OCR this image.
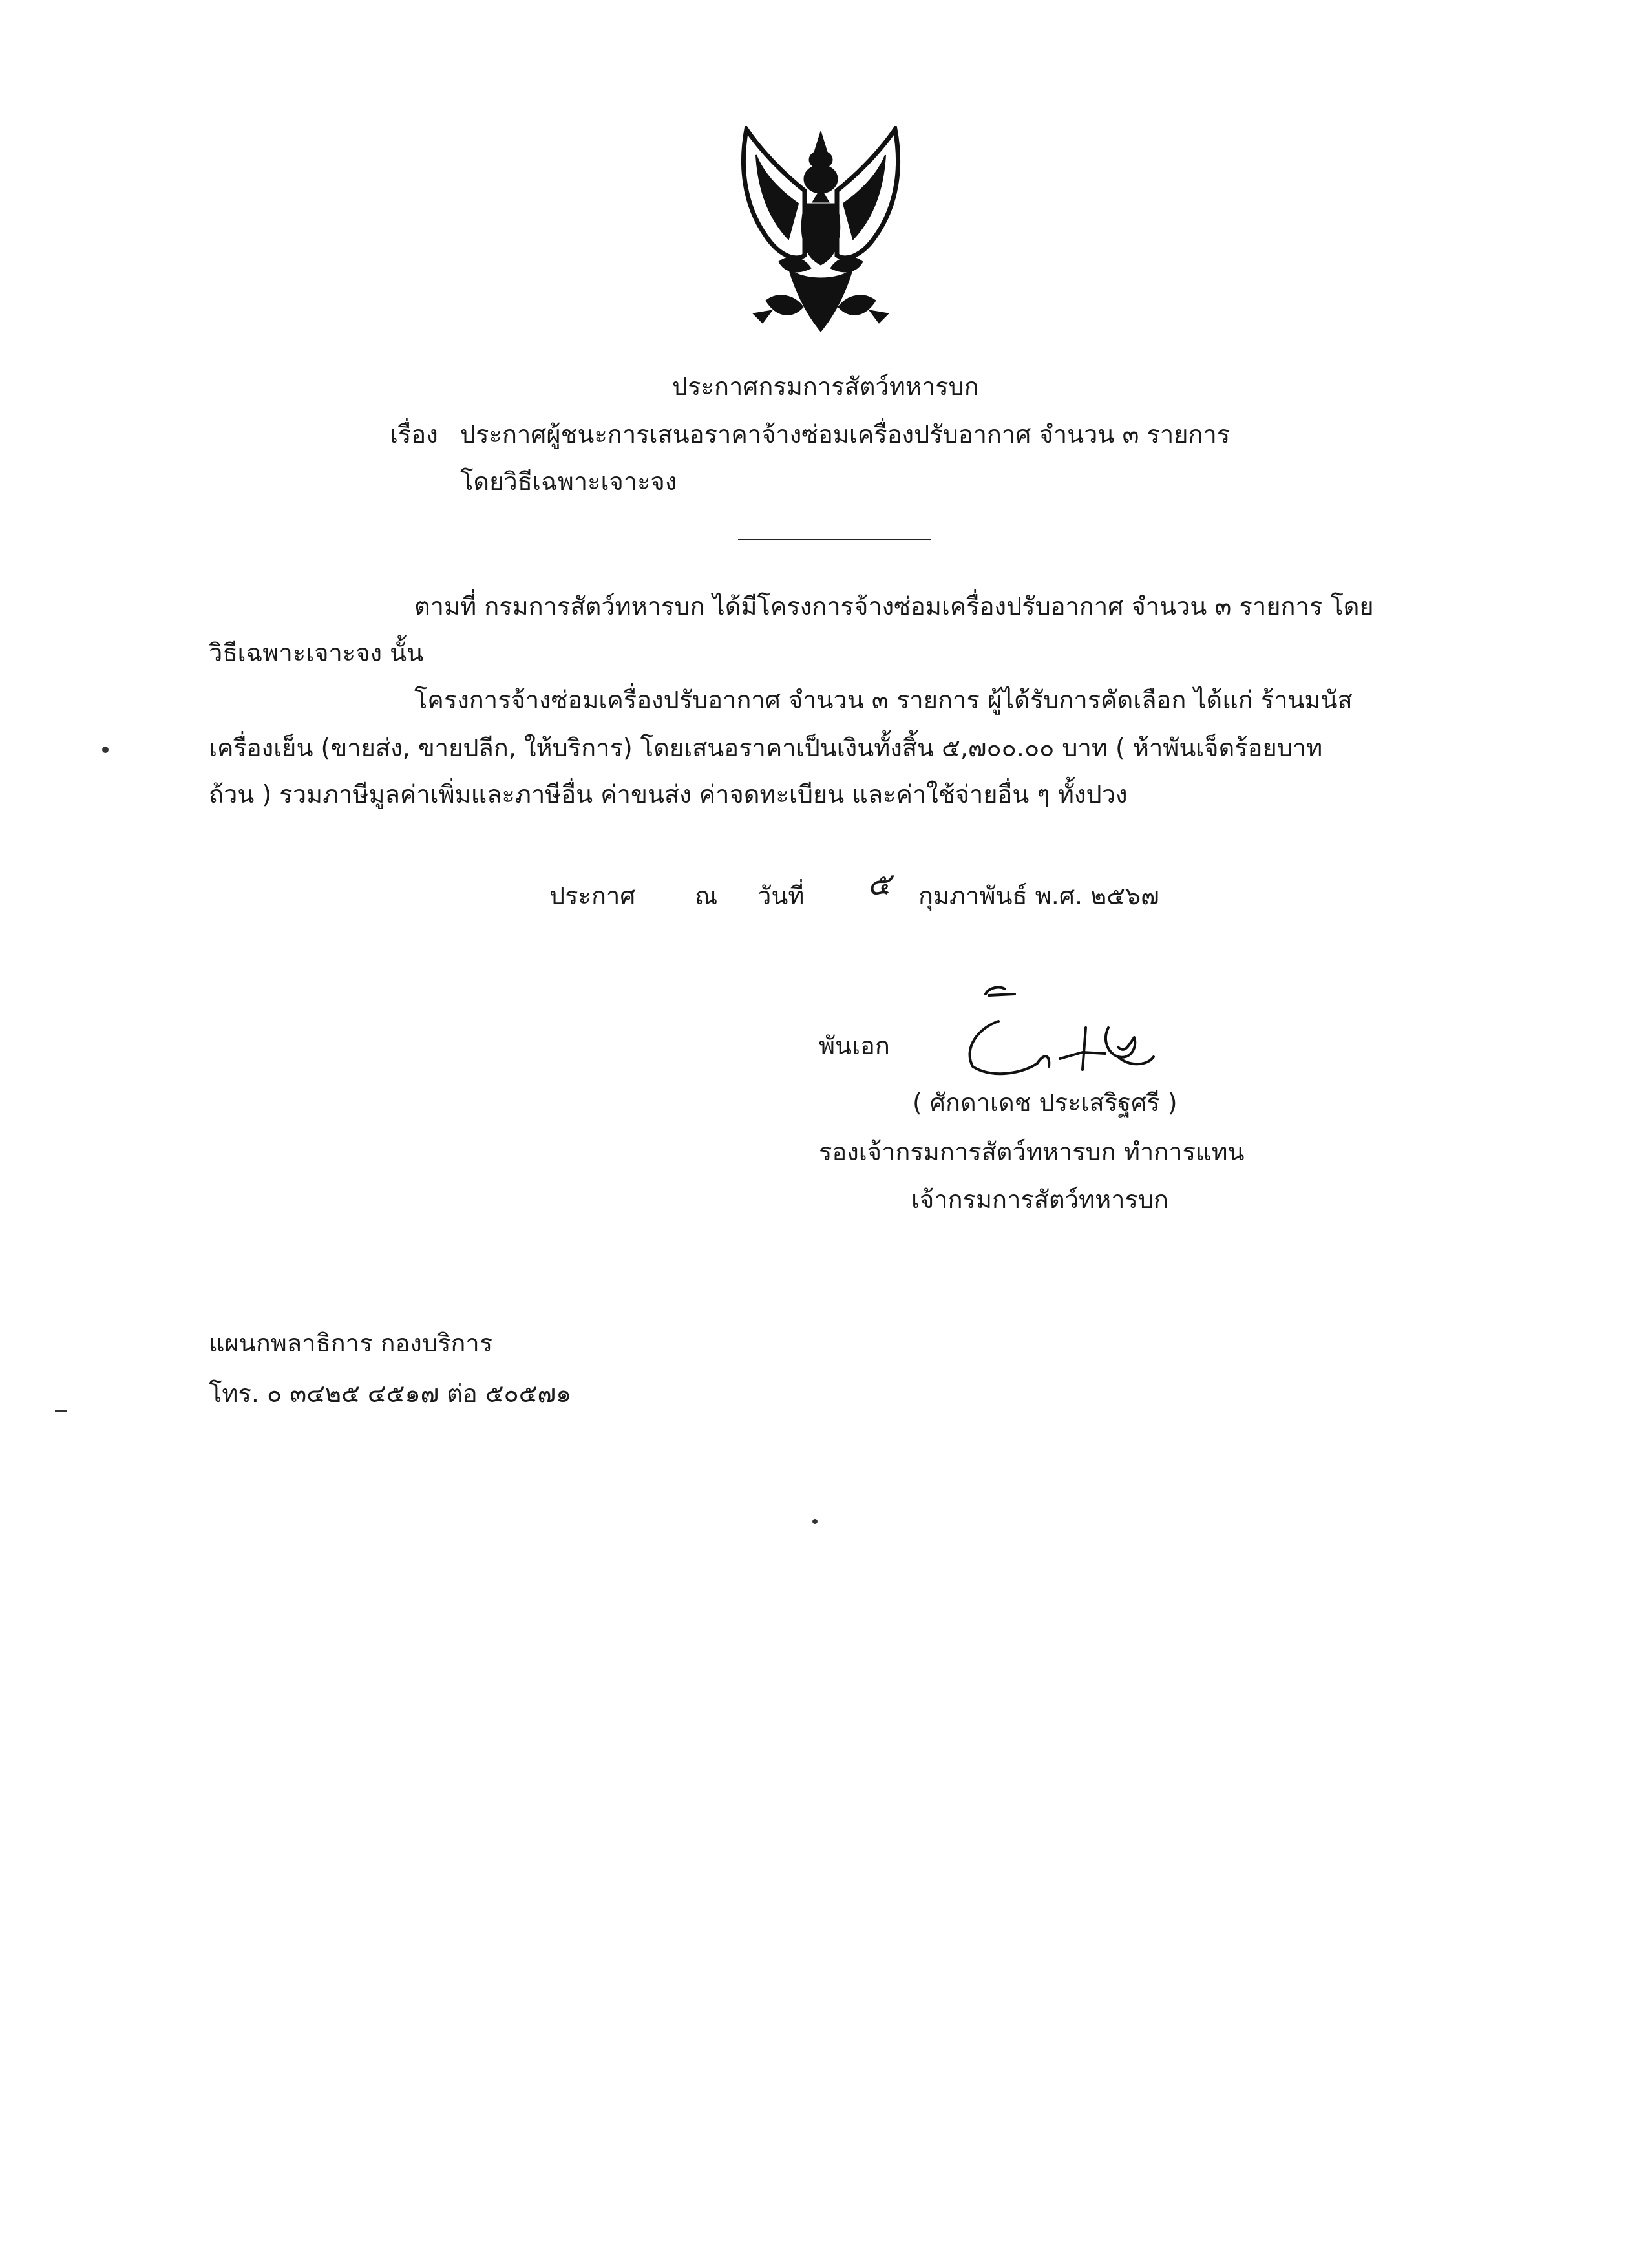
ประกาศกรมการสัตว์ทหารบก
เรื่อง ประกาศผู้ชนะการเสนอราคาจ้างซ่อมเครื่องปรับอากาศ จำนวน ๓ รายการ
โดยวิธีเฉพาะเจาะจง
ตามที่ กรมการสัตว์ทหารบก ได้มีโครงการจ้างซ่อมเครื่องปรับอากาศ จำนวน ๓ รายการ โดย
วิธีเฉพาะเจาะจง นั้น
โครงการจ้างซ่อมเครื่องปรับอากาศ จำนวน ๓ รายการ ผู้ได้รับการคัดเลือก ได้แก่ ร้านมนัส
เครื่องเย็น (ขายส่ง, ขายปลีก, ให้บริการ) โดยเสนอราคาเป็นเงินทั้งสิ้น ๕,๗๐๐.๐๐ บาท ( ห้าพันเจ็ดร้อยบาท
ถ้วน ) รวมภาษีมูลค่าเพิ่มและภาษีอื่น ค่าขนส่ง ค่าจดทะเบียน และค่าใช้จ่ายอื่น ๆ ทั้งปวง
ประกาศ ณ วันที่ ๕ กุมภาพันธ์ พ.ศ. ๒๕๖๗
พันเอก
( ศักดาเดช ประเสริฐศรี )
รองเจ้ากรมการสัตว์ทหารบก ทำการแทน
เจ้ากรมการสัตว์ทหารบก
แผนกพลาธิการ กองบริการ
โทร. ๐ ๓๔๒๕ ๔๕๑๗ ต่อ ๕๐๕๗๑
